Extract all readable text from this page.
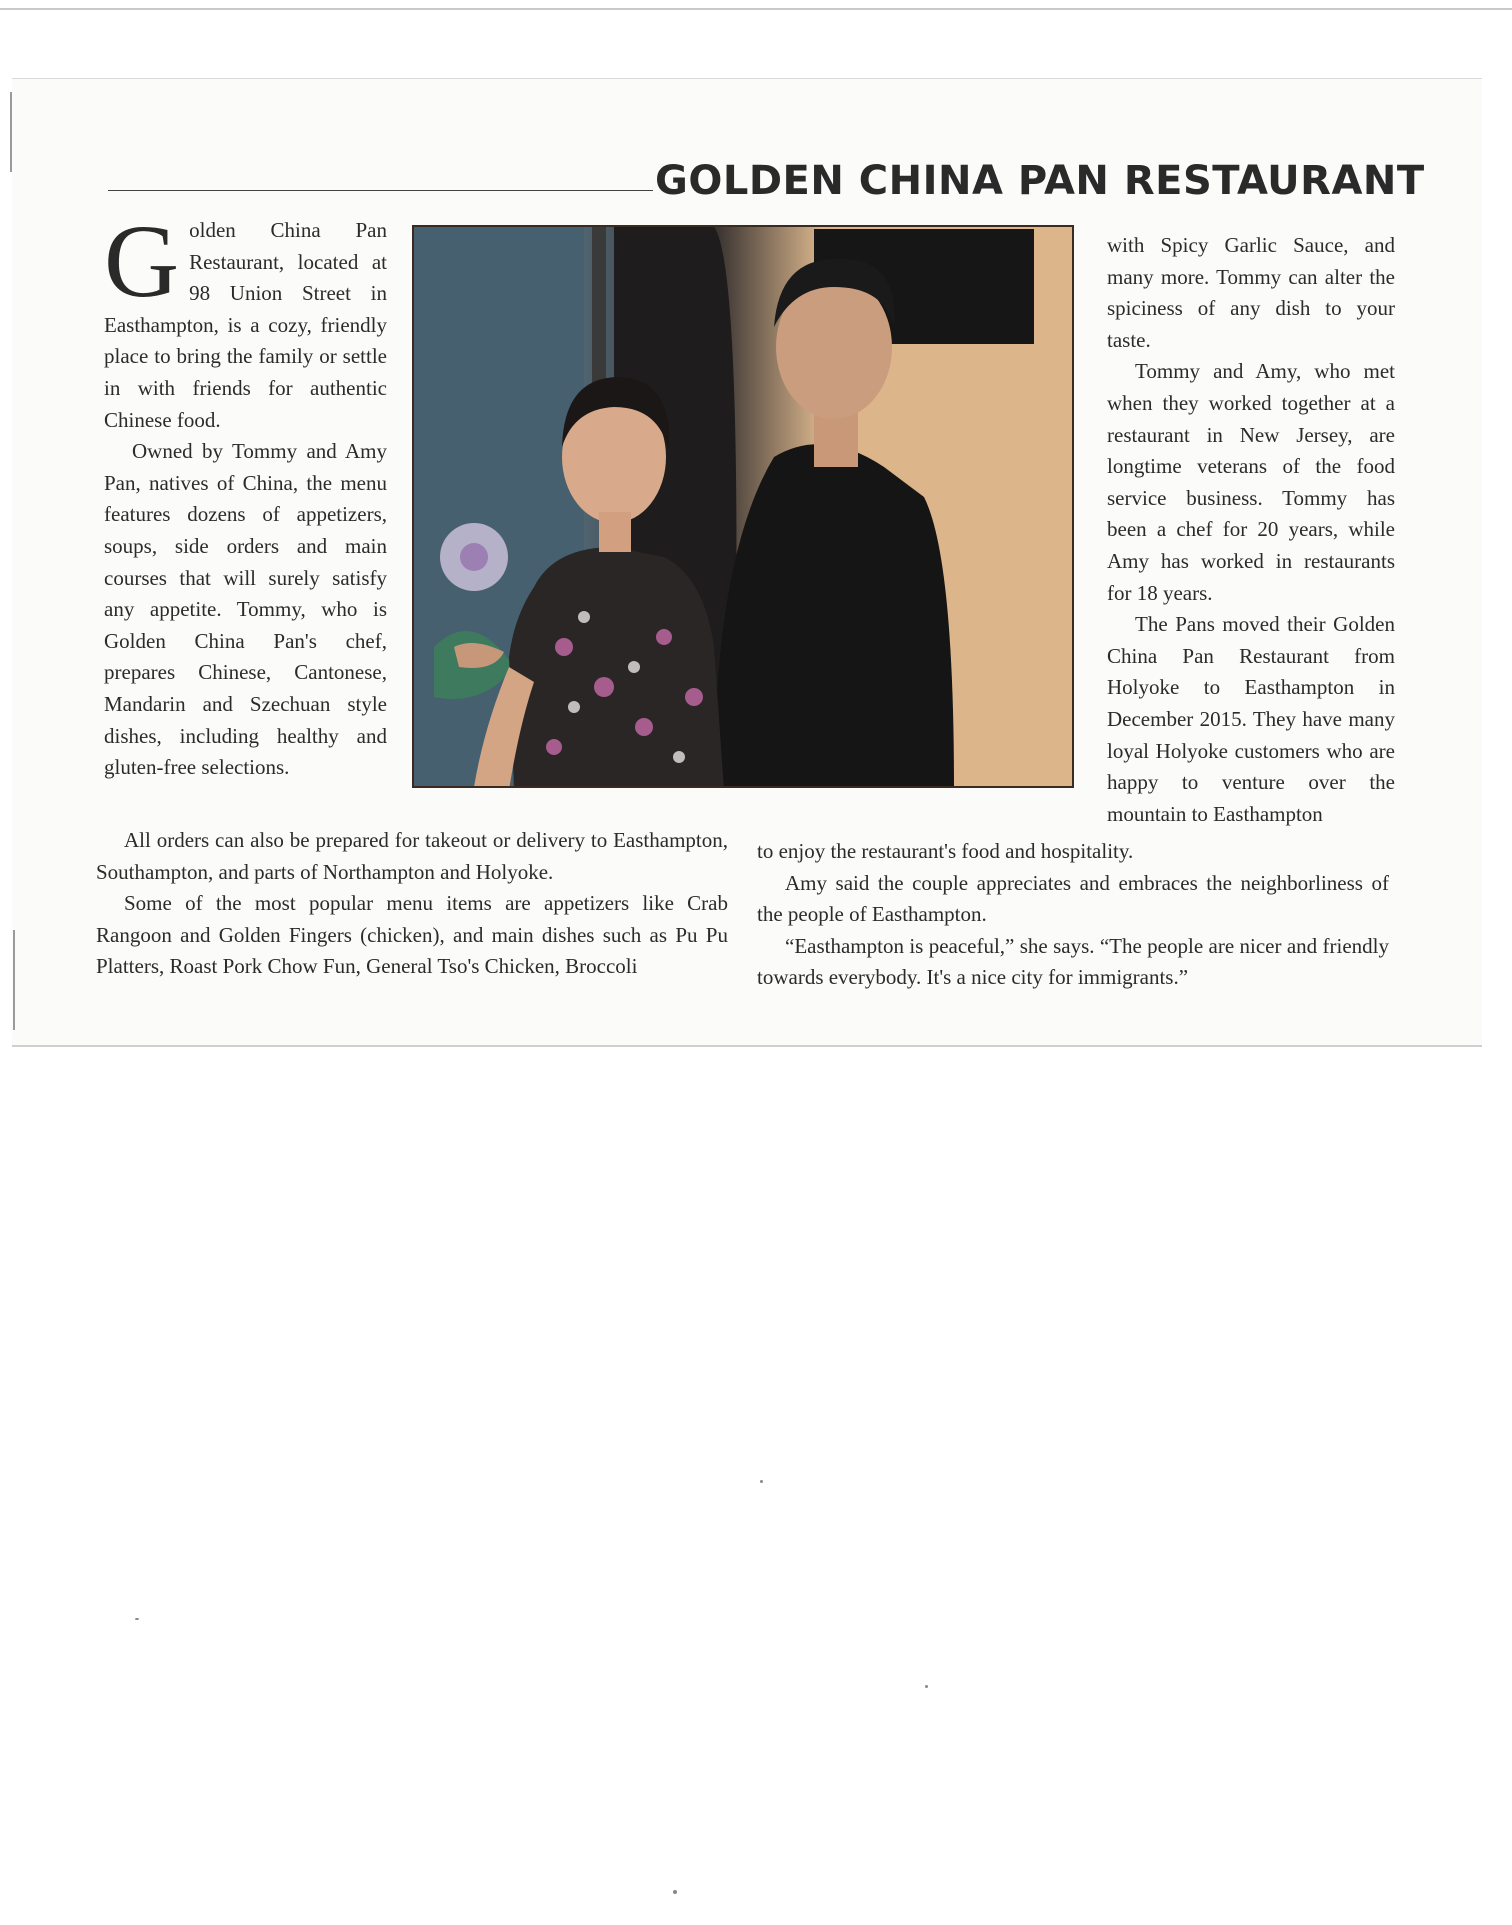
GOLDEN CHINA PAN RESTAURANT

Golden China Pan Restaurant, located at 98 Union Street in Easthampton, is a cozy, friendly place to bring the family or settle in with friends for authentic Chinese food.

Owned by Tommy and Amy Pan, natives of China, the menu features dozens of appetizers, soups, side orders and main courses that will surely satisfy any appetite. Tommy, who is Golden China Pan's chef, prepares Chinese, Cantonese, Mandarin and Szechuan style dishes, including healthy and gluten-free selections.

with Spicy Garlic Sauce, and many more. Tommy can alter the spiciness of any dish to your taste.

Tommy and Amy, who met when they worked together at a restaurant in New Jersey, are longtime veterans of the food service business. Tommy has been a chef for 20 years, while Amy has worked in restaurants for 18 years.

The Pans moved their Golden China Pan Restaurant from Holyoke to Easthampton in December 2015. They have many loyal Holyoke customers who are happy to venture over the mountain to Easthampton

All orders can also be prepared for takeout or delivery to Easthampton, Southampton, and parts of Northampton and Holyoke.

Some of the most popular menu items are appetizers like Crab Rangoon and Golden Fingers (chicken), and main dishes such as Pu Pu Platters, Roast Pork Chow Fun, General Tso's Chicken, Broccoli

to enjoy the restaurant's food and hospitality.

Amy said the couple appreciates and embraces the neighborliness of the people of Easthampton.

“Easthampton is peaceful,” she says. “The people are nicer and friendly towards everybody. It's a nice city for immigrants.”
